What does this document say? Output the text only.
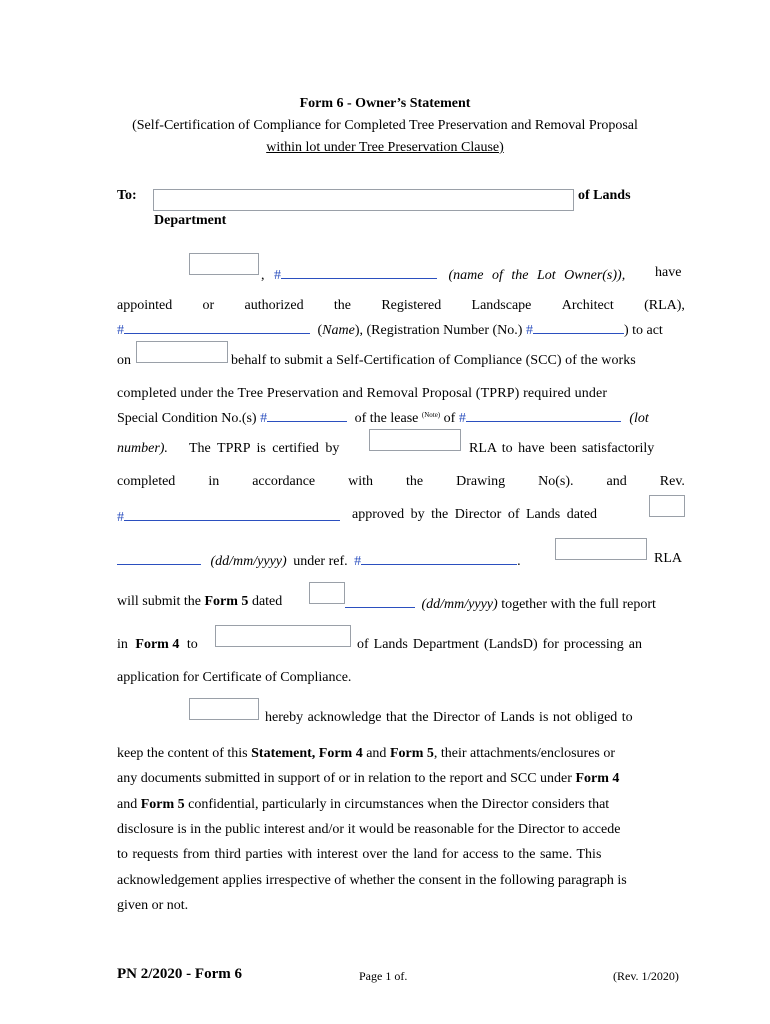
Form 6 - Owner’s Statement
(Self-Certification of Compliance for Completed Tree Preservation and Removal Proposal
within lot under Tree Preservation Clause)
To:	of Lands
Department
, #	(name of the Lot Owner(s)), have
appointed or authorized the Registered Landscape Architect (RLA),
#	(Name), (Registration Number (No.) #	) to act
on	behalf to submit a Self-Certification of Compliance (SCC) of the works
completed under the Tree Preservation and Removal Proposal (TPRP) required under
Special Condition No.(s) #	of the lease $^{(Note)}$ of #	(lot
number). The TPRP is certified by	RLA to have been satisfactorily
completed in accordance with the Drawing No(s). and Rev.
#	approved by the Director of Lands dated
(dd/mm/yyyy) under ref. #	.	RLA
will submit the Form 5 dated	(dd/mm/yyyy) together with the full report
in Form 4 to	of Lands Department (LandsD) for processing an
application for Certificate of Compliance.
hereby acknowledge that the Director of Lands is not obliged to
keep the content of this Statement, Form 4 and Form 5, their attachments/enclosures or
any documents submitted in support of or in relation to the report and SCC under Form 4
and Form 5 confidential, particularly in circumstances when the Director considers that
disclosure is in the public interest and/or it would be reasonable for the Director to accede
to requests from third parties with interest over the land for access to the same. This
acknowledgement applies irrespective of whether the consent in the following paragraph is
given or not.
PN 2/2020 - Form 6	Page 1 of.	(Rev. 1/2020)
